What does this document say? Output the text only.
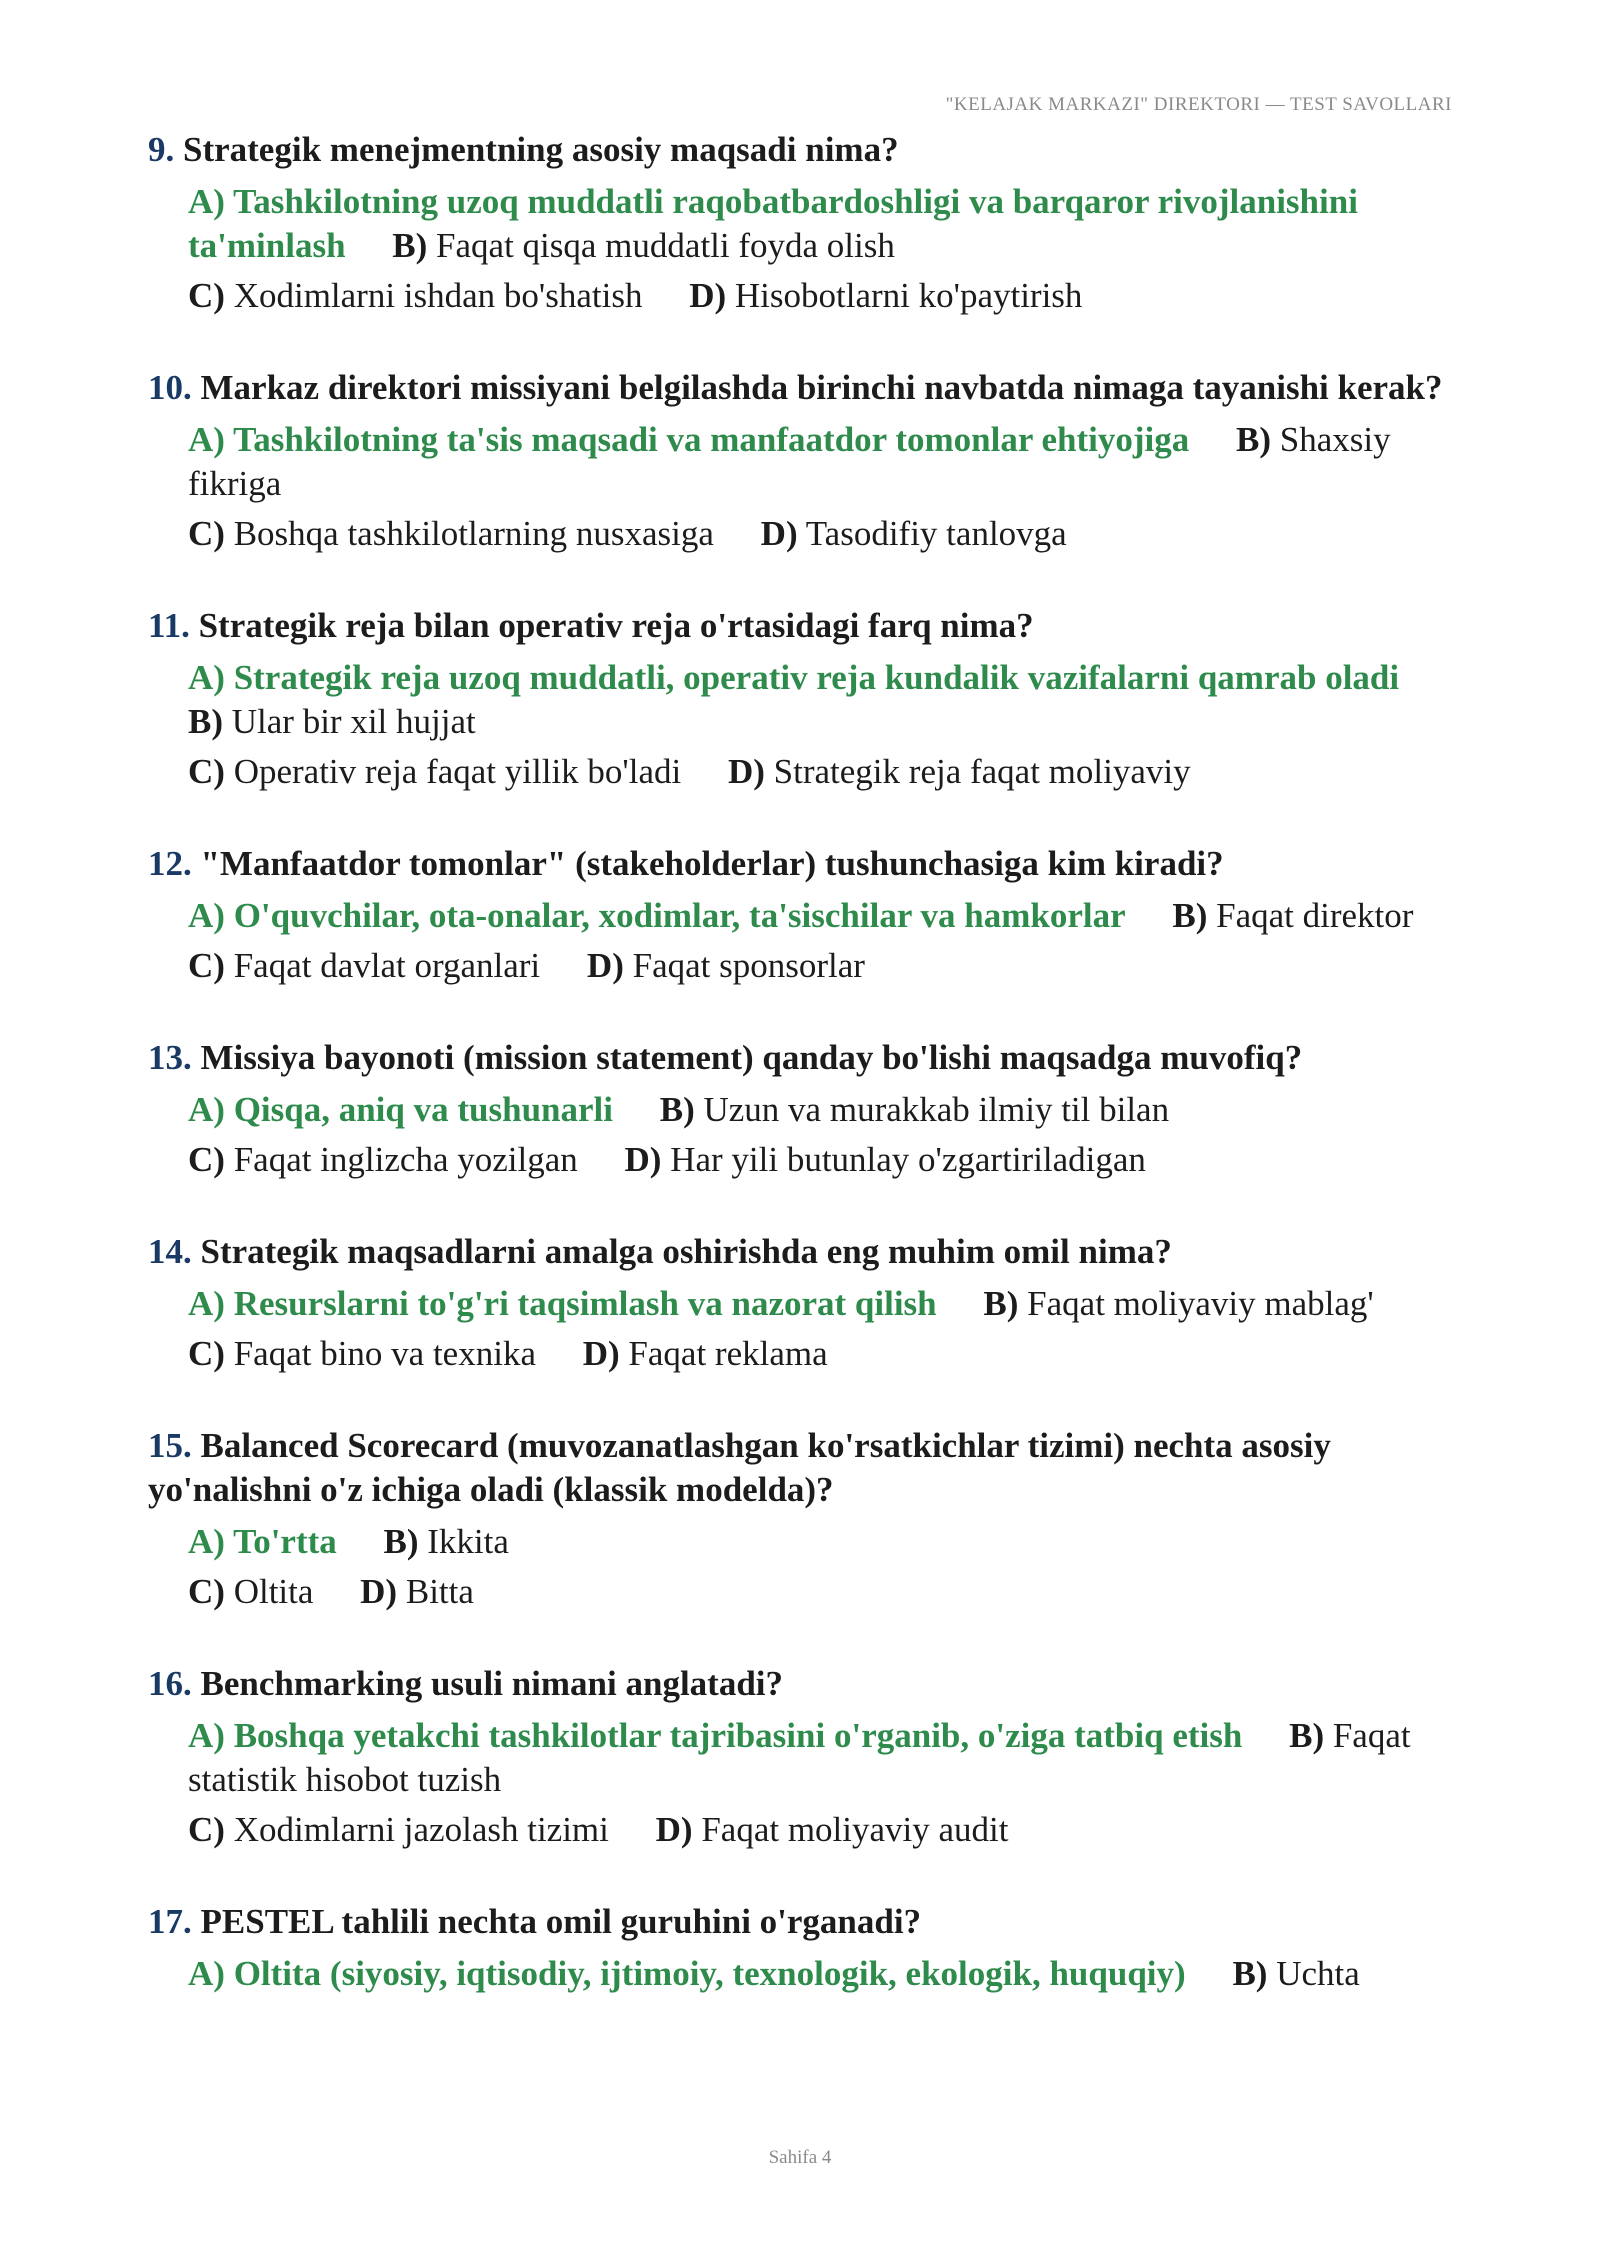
"KELAJAK MARKAZI" DIREKTORI — TEST SAVOLLARI
9. Strategik menejmentning asosiy maqsadi nima?
A) Tashkilotning uzoq muddatli raqobatbardoshligi va barqaror rivojlanishini ta'minlash B) Faqat qisqa muddatli foyda olish
C) Xodimlarni ishdan bo'shatish D) Hisobotlarni ko'paytirish
10. Markaz direktori missiyani belgilashda birinchi navbatda nimaga tayanishi kerak?
A) Tashkilotning ta'sis maqsadi va manfaatdor tomonlar ehtiyojiga B) Shaxsiy fikriga
C) Boshqa tashkilotlarning nusxasiga D) Tasodifiy tanlovga
11. Strategik reja bilan operativ reja o'rtasidagi farq nima?
A) Strategik reja uzoq muddatli, operativ reja kundalik vazifalarni qamrab oladi B) Ular bir xil hujjat
C) Operativ reja faqat yillik bo'ladi D) Strategik reja faqat moliyaviy
12. "Manfaatdor tomonlar" (stakeholderlar) tushunchasiga kim kiradi?
A) O'quvchilar, ota-onalar, xodimlar, ta'sischilar va hamkorlar B) Faqat direktor
C) Faqat davlat organlari D) Faqat sponsorlar
13. Missiya bayonoti (mission statement) qanday bo'lishi maqsadga muvofiq?
A) Qisqa, aniq va tushunarli B) Uzun va murakkab ilmiy til bilan
C) Faqat inglizcha yozilgan D) Har yili butunlay o'zgartiriladigan
14. Strategik maqsadlarni amalga oshirishda eng muhim omil nima?
A) Resurslarni to'g'ri taqsimlash va nazorat qilish B) Faqat moliyaviy mablag'
C) Faqat bino va texnika D) Faqat reklama
15. Balanced Scorecard (muvozanatlashgan ko'rsatkichlar tizimi) nechta asosiy yo'nalishni o'z ichiga oladi (klassik modelda)?
A) To'rtta B) Ikkita
C) Oltita D) Bitta
16. Benchmarking usuli nimani anglatadi?
A) Boshqa yetakchi tashkilotlar tajribasini o'rganib, o'ziga tatbiq etish B) Faqat statistik hisobot tuzish
C) Xodimlarni jazolash tizimi D) Faqat moliyaviy audit
17. PESTEL tahlili nechta omil guruhini o'rganadi?
A) Oltita (siyosiy, iqtisodiy, ijtimoiy, texnologik, ekologik, huquqiy) B) Uchta
Sahifa 4
